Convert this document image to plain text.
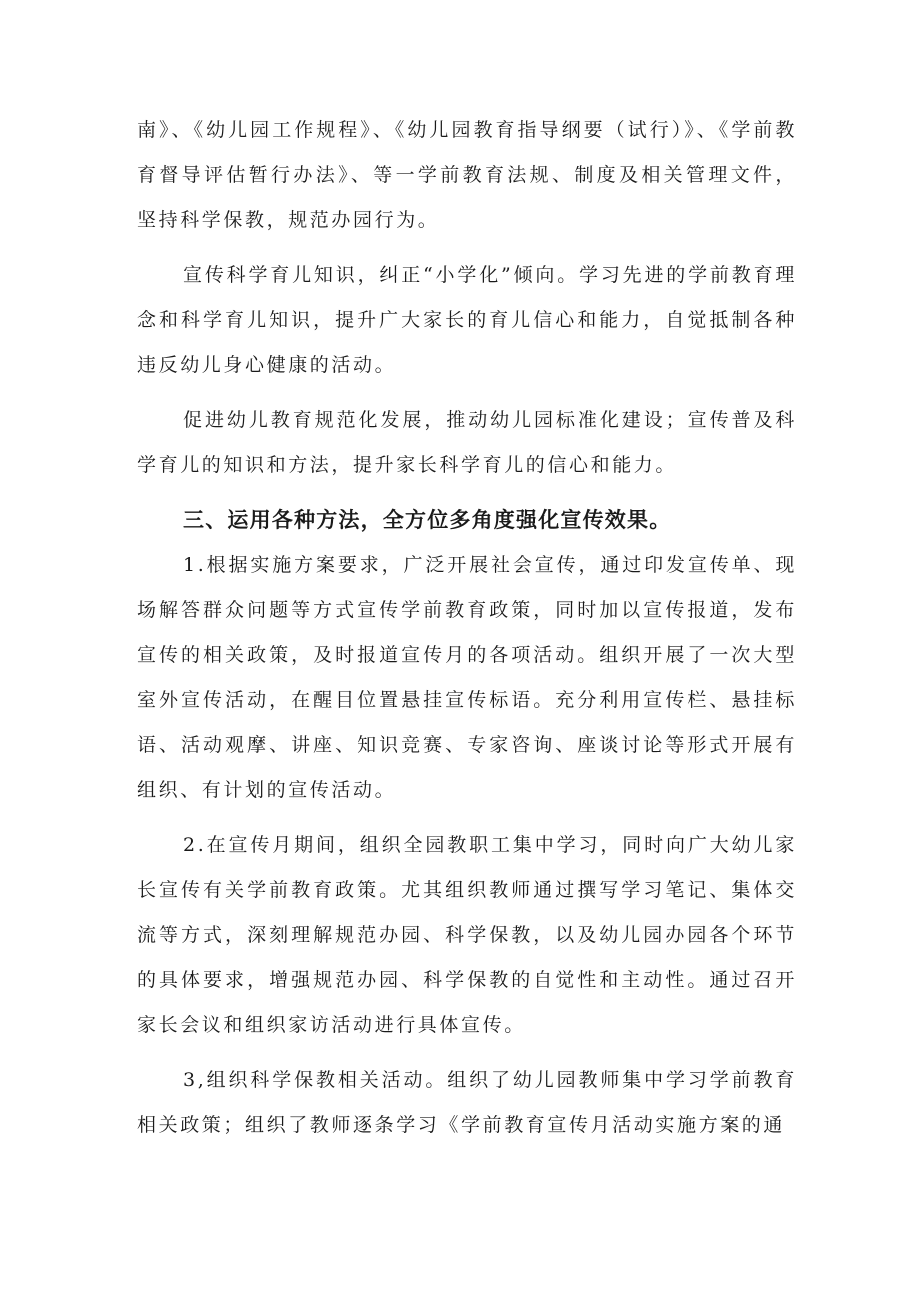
南》、《幼儿园工作规程》、《幼儿园教育指导纲要（试行）》、《学前教育督导评估暂行办法》、等一学前教育法规、制度及相关管理文件，坚持科学保教，规范办园行为。

宣传科学育儿知识，纠正“小学化”倾向。学习先进的学前教育理念和科学育儿知识，提升广大家长的育儿信心和能力，自觉抵制各种违反幼儿身心健康的活动。

促进幼儿教育规范化发展，推动幼儿园标准化建设；宣传普及科学育儿的知识和方法，提升家长科学育儿的信心和能力。

三、运用各种方法，全方位多角度强化宣传效果。

1.根据实施方案要求，广泛开展社会宣传，通过印发宣传单、现场解答群众问题等方式宣传学前教育政策，同时加以宣传报道，发布宣传的相关政策，及时报道宣传月的各项活动。组织开展了一次大型室外宣传活动，在醒目位置悬挂宣传标语。充分利用宣传栏、悬挂标语、活动观摩、讲座、知识竞赛、专家咨询、座谈讨论等形式开展有组织、有计划的宣传活动。

2.在宣传月期间，组织全园教职工集中学习，同时向广大幼儿家长宣传有关学前教育政策。尤其组织教师通过撰写学习笔记、集体交流等方式，深刻理解规范办园、科学保教，以及幼儿园办园各个环节的具体要求，增强规范办园、科学保教的自觉性和主动性。通过召开家长会议和组织家访活动进行具体宣传。

3,组织科学保教相关活动。组织了幼儿园教师集中学习学前教育相关政策；组织了教师逐条学习《学前教育宣传月活动实施方案的通
